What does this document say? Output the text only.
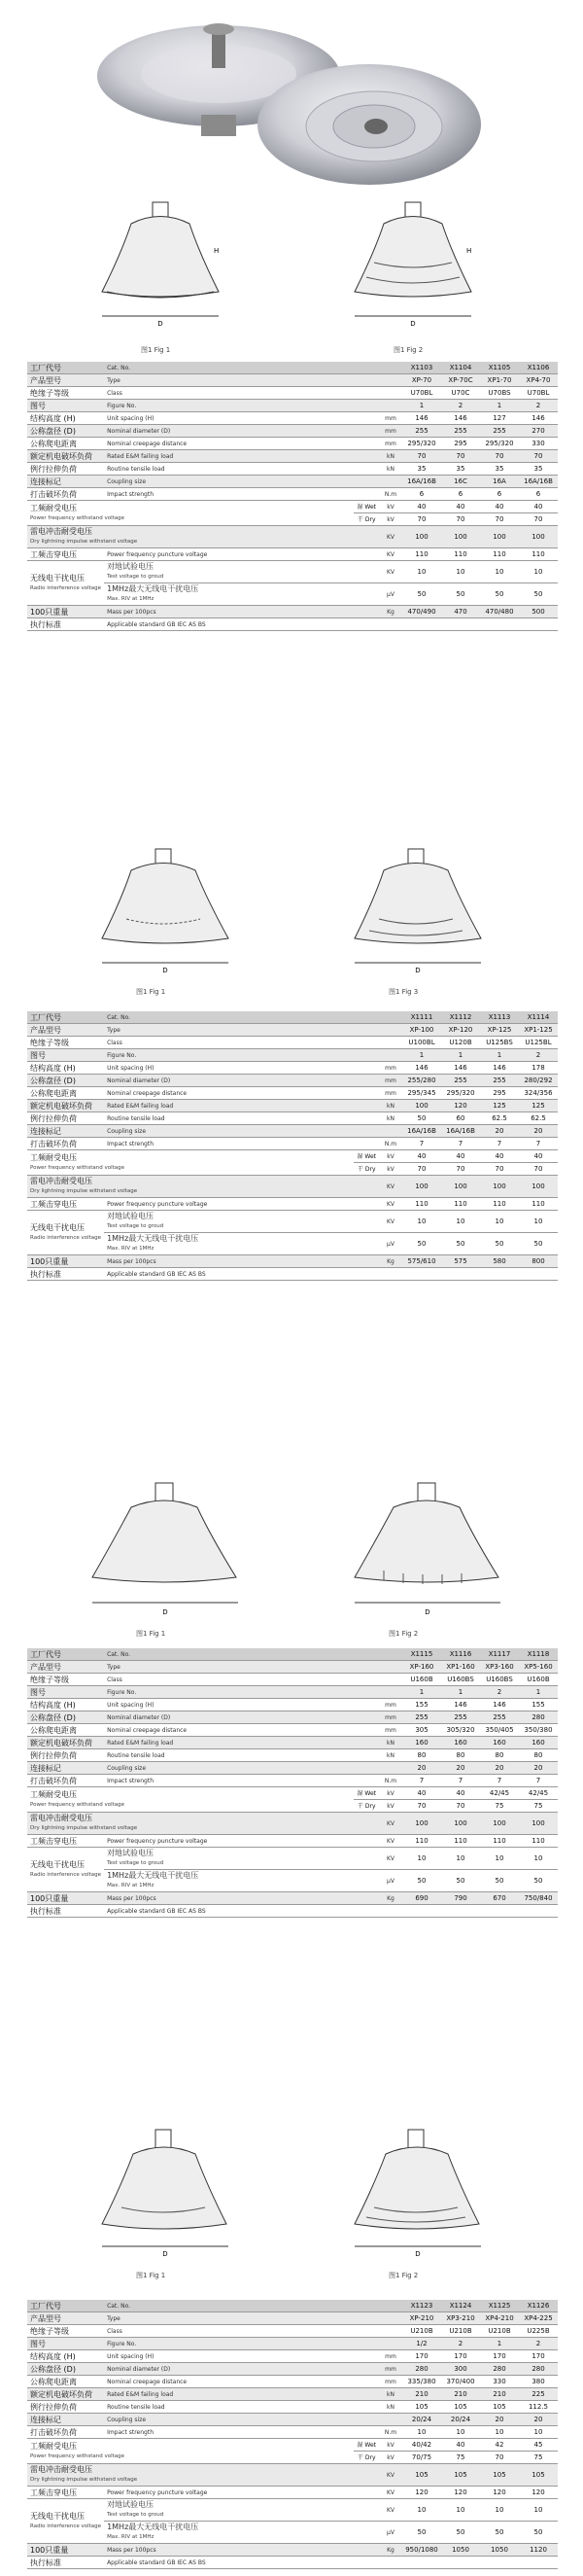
D
H
D
H
图1 Fig 1	图1 Fig 2
工厂代号	Cat. No.			X1103	X1104	X1105	X1106
产品型号	Type			XP-70	XP-70C	XP1-70	XP4-70
绝缘子等级	Class			U70BL	U70C	U70BS	U70BL
图号	Figure No.			1	2	1	2
结构高度 (H)	Unit spacing (H)		mm	146	146	127	146
公称盘径 (D)	Nominal diameter (D)		mm	255	255	255	270
公称爬电距离	Nominal creepage distance		mm	295/320	295	295/320	330
额定机电破坏负荷	Rated E&M failing load		kN	70	70	70	70
例行拉伸负荷	Routine tensile load		kN	35	35	35	35
连接标记	Coupling size			16A/16B	16C	16A	16A/16B
打击破坏负荷	Impact strength		N.m	6	6	6	6

工频耐受电压
Power frequency withstand voltage		湿 Wet	kV	40	40	40	40
		干 Dry	kV	70	70	70	70

雷电冲击耐受电压
Dry lightning impulse withstand voltage			KV	100	100	100	100
工频击穿电压	Power frequency puncture voltage		KV	110	110	110	110

无线电干扰电压
Radio interference voltage	对地试验电压
Test voltage to groud		KV	10	10	10	10

	1MHz最大无线电干扰电压
Max. RIV at 1MHz		μV	50	50	50	50
100只重量	Mass per 100pcs		Kg	470/490	470	470/480	500
执行标准	Applicable standard GB IEC AS BS						
工厂代号	Cat. No.			X1111	X1112	X1113	X1114
产品型号	Type			XP-100	XP-120	XP-125	XP1-125
绝缘子等级	Class			U100BL	U120B	U125BS	U125BL
图号	Figure No.			1	1	1	2
结构高度 (H)	Unit spacing (H)		mm	146	146	146	178
公称盘径 (D)	Nominal diameter (D)		mm	255/280	255	255	280/292
公称爬电距离	Nominal creepage distance		mm	295/345	295/320	295	324/356
额定机电破坏负荷	Rated E&M failing load		kN	100	120	125	125
例行拉伸负荷	Routine tensile load		kN	50	60	62.5	62.5
连接标记	Coupling size			16A/16B	16A/16B	20	20
打击破坏负荷	Impact strength		N.m	7	7	7	7

工频耐受电压
Power frequency withstand voltage		湿 Wet	kV	40	40	40	40
		干 Dry	kV	70	70	70	70

雷电冲击耐受电压
Dry lightning impulse withstand voltage			KV	100	100	100	100
工频击穿电压	Power frequency puncture voltage		KV	110	110	110	110

无线电干扰电压
Radio interference voltage	对地试验电压
Test voltage to groud		KV	10	10	10	10

	1MHz最大无线电干扰电压
Max. RIV at 1MHz		μV	50	50	50	50
100只重量	Mass per 100pcs		Kg	575/610	575	580	800
执行标准	Applicable standard GB IEC AS BS						
工厂代号	Cat. No.			X1115	X1116	X1117	X1118
产品型号	Type			XP-160	XP1-160	XP3-160	XP5-160
绝缘子等级	Class			U160B	U160BS	U160BS	U160B
图号	Figure No.			1	1	2	1
结构高度 (H)	Unit spacing (H)		mm	155	146	146	155
公称盘径 (D)	Nominal diameter (D)		mm	255	255	255	280
公称爬电距离	Nominal creepage distance		mm	305	305/320	350/405	350/380
额定机电破坏负荷	Rated E&M failing load		kN	160	160	160	160
例行拉伸负荷	Routine tensile load		kN	80	80	80	80
连接标记	Coupling size			20	20	20	20
打击破坏负荷	Impact strength		N.m	7	7	7	7

工频耐受电压
Power frequency withstand voltage		湿 Wet	kV	40	40	42/45	42/45
		干 Dry	kV	70	70	75	75

雷电冲击耐受电压
Dry lightning impulse withstand voltage			KV	100	100	100	100
工频击穿电压	Power frequency puncture voltage		KV	110	110	110	110

无线电干扰电压
Radio interference voltage	对地试验电压
Test voltage to groud		KV	10	10	10	10

	1MHz最大无线电干扰电压
Max. RIV at 1MHz		μV	50	50	50	50
100只重量	Mass per 100pcs		Kg	690	790	670	750/840
执行标准	Applicable standard GB IEC AS BS						
工厂代号	Cat. No.			X1123	X1124	X1125	X1126
产品型号	Type			XP-210	XP3-210	XP4-210	XP4-225
绝缘子等级	Class			U210B	U210B	U210B	U225B
图号	Figure No.			1/2	2	1	2
结构高度 (H)	Unit spacing (H)		mm	170	170	170	170
公称盘径 (D)	Nominal diameter (D)		mm	280	300	280	280
公称爬电距离	Nominal creepage distance		mm	335/380	370/400	330	380
额定机电破坏负荷	Rated E&M failing load		kN	210	210	210	225
例行拉伸负荷	Routine tensile load		kN	105	105	105	112.5
连接标记	Coupling size			20/24	20/24	20	20
打击破坏负荷	Impact strength		N.m	10	10	10	10

工频耐受电压
Power frequency withstand voltage		湿 Wet	kV	40/42	40	42	45
		干 Dry	kV	70/75	75	70	75

雷电冲击耐受电压
Dry lightning impulse withstand voltage			KV	105	105	105	105
工频击穿电压	Power frequency puncture voltage		KV	120	120	120	120

无线电干扰电压
Radio interference voltage	对地试验电压
Test voltage to groud		KV	10	10	10	10

	1MHz最大无线电干扰电压
Max. RIV at 1MHz		μV	50	50	50	50
100只重量	Mass per 100pcs		Kg	950/1080	1050	1050	1120
执行标准	Applicable standard GB IEC AS BS						
D	D
图1 Fig 1	图1 Fig 3
D	D
图1 Fig 1	图1 Fig 2
D	D
图1 Fig 1	图1 Fig 2
